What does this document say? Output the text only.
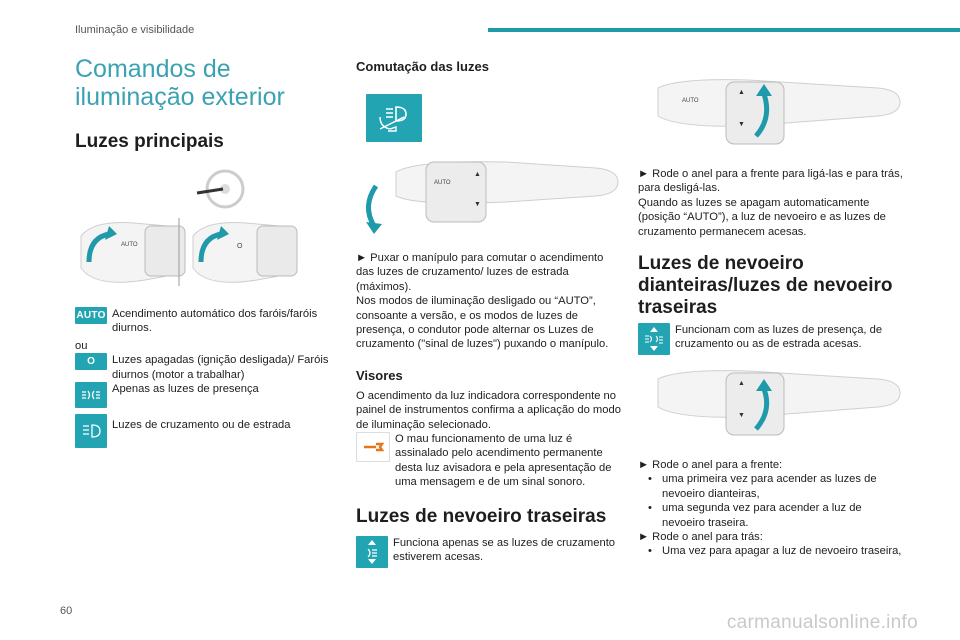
Iluminação e visibilidade
60
carmanualsonline.info
Comandos de iluminação exterior
Luzes principais
AUTO	O
AUTO Acendimento automático dos faróis/faróis diurnos.

ou

O Luzes apagadas (ignição desligada)/ Faróis diurnos (motor a trabalhar)
Apenas as luzes de presença
Luzes de cruzamento ou de estrada
Comutação das luzes
AUTO
▲
▼

► Puxar o manípulo para comutar o acendimento das luzes de cruzamento/ luzes de estrada (máximos).

Nos modos de iluminação desligado ou “AUTO”, consoante a versão, e os modos de luzes de presença, o condutor pode alternar os Luzes de cruzamento ("sinal de luzes") puxando o manípulo.

Visores

O acendimento da luz indicadora correspondente no painel de instrumentos confirma a aplicação do modo de iluminação selecionado.

O mau funcionamento de uma luz é assinalado pelo acendimento permanente desta luz avisadora e pela apresentação de uma mensagem e de um sinal sonoro.
Luzes de nevoeiro traseiras
Funciona apenas se as luzes de cruzamento estiverem acesas.
AUTO
▲
▼

► Rode o anel para a frente para ligá-las e para trás, para desligá-las.

Quando as luzes se apagam automaticamente (posição “AUTO”), a luz de nevoeiro e as luzes de cruzamento permanecem acesas.

Luzes de nevoeiro dianteiras/luzes de nevoeiro traseiras
Funcionam com as luzes de presença, de cruzamento ou as de estrada acesas.
▲
▼

► Rode o anel para a frente:

• uma primeira vez para acender as luzes de nevoeiro dianteiras,
• uma segunda vez para acender a luz de nevoeiro traseira.

► Rode o anel para trás:

• Uma vez para apagar a luz de nevoeiro traseira,
